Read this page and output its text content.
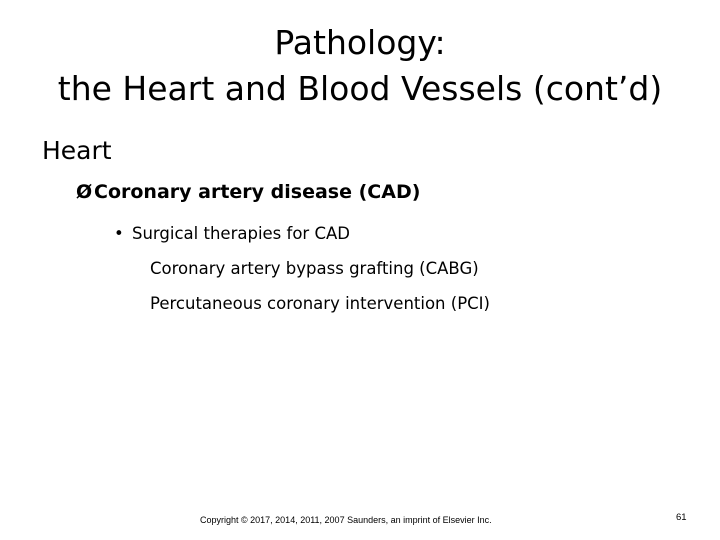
Pathology:
the Heart and Blood Vessels (cont’d)
Heart
ØCoronary artery disease (CAD)
• Surgical therapies for CAD
Coronary artery bypass grafting (CABG)
Percutaneous coronary intervention (PCI)
Copyright © 2017, 2014, 2011, 2007 Saunders, an imprint of Elsevier Inc.	61
